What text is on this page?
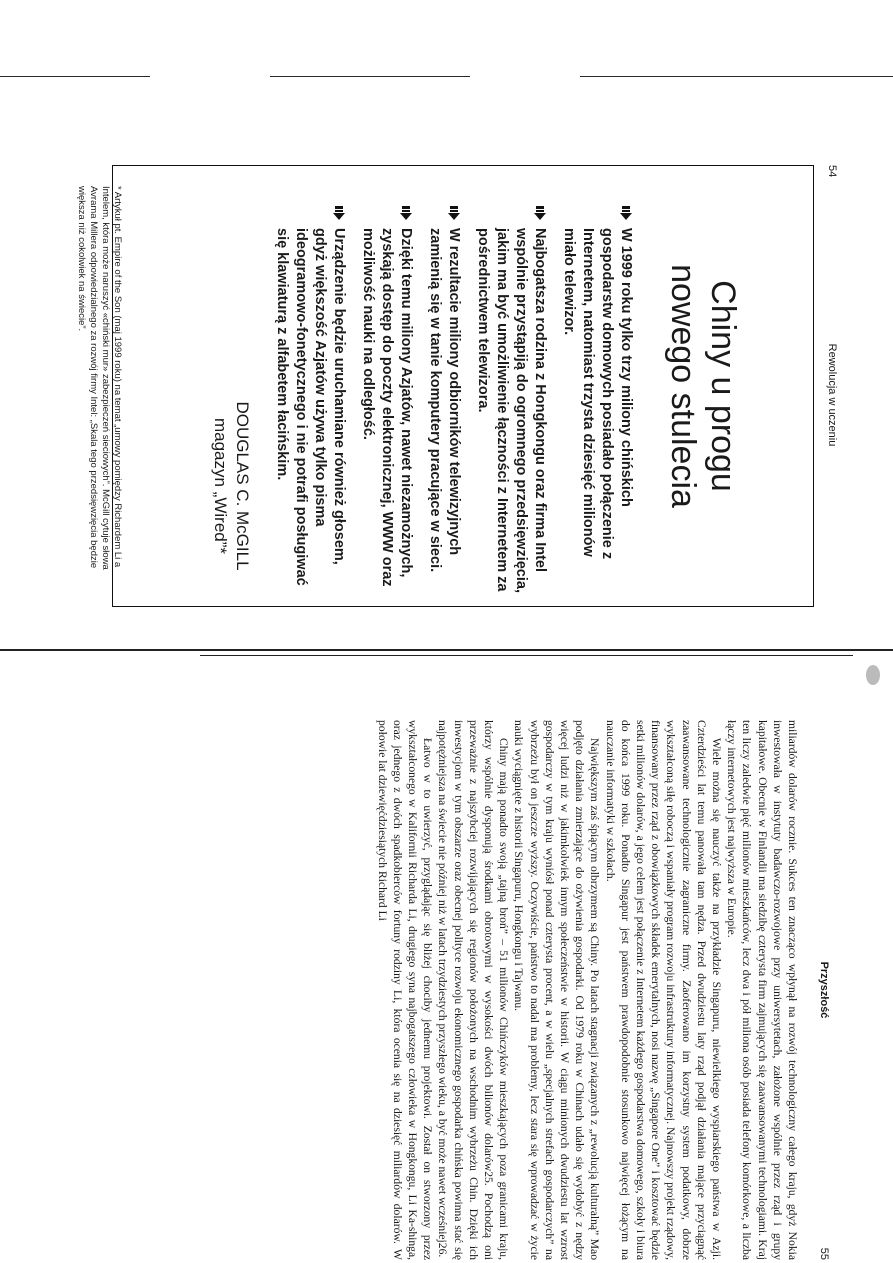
54
Rewolucja w uczeniu
Chiny u progu
nowego stulecia
W 1999 roku tylko trzy miliony chińskich gospodarstw domowych posiadało połączenie z Internetem, natomiast trzysta dziesięć milionów miało telewizor.
Najbogatsza rodzina z Hongkongu oraz firma Intel wspólnie przystąpiją do ogromnego przedsięwzięcia, jakim ma być umożliwienie łączności z Internetem za pośrednictwem telewizora.
W rezultacie miliony odbiorników telewizyjnych zamienią się w tanie komputery pracujące w sieci.
Dzięki temu miliony Azjatów, nawet niezamożnych, zyskają dostęp do poczty elektronicznej, WWW oraz możliwość nauki na odległość.
Urządzenie będzie uruchamiane również głosem, gdyż większość Azjatów używa tylko pisma ideogramowo-fonetycznego i nie potrafi posługiwać się klawiaturą z alfabetem łacińskim.
DOUGLAS C. McGILL
magazyn „Wired”*
* Artykuł pt. Empire of the Son (maj 1999 roku) na temat „umowy pomiędzy Richardem Li a Intelem, która może naruszyć «chiński mur» zabezpieczeń sieciowych”. McGill cytuje słowa Avrama Millera odpowiedzialnego za rozwój firmy Intel: „Skala tego przedsięwzięcia będzie większa niż cokolwiek na świecie”.
Przyszłość
55

miliardów dolarów rocznie. Sukces ten znacząco wpłynął na rozwój technologiczny całego kraju, gdyż Nokia inwestowała w instytuty badawczo-rozwojowe przy uniwersytetach, założone wspólnie przez rząd i grupy kapitałowe. Obecnie w Finlandii ma siedzibę czterysta firm zajmujących się zaawansowanymi technologiami. Kraj ten liczy zaledwie pięć milionów mieszkańców, lecz dwa i pół miliona osób posiada telefony komórkowe, a liczba łączy internetowych jest najwyższa w Europie.

Wiele można się nauczyć także na przykładzie Singapuru, niewielkiego wyspiarskiego państwa w Azji. Czterdzieści lat temu panowała tam nędza. Przed dwudziestu laty rząd podjął działania mające przyciągnąć zaawansowane technologicznie zagraniczne firmy. Zaoferowano im korzystny system podatkowy, dobrze wykształconą siłę roboczą i wspaniały program rozwoju infrastruktury informatycznej. Najnowszy projekt rządowy, finansowany przez rząd z obowiązkowych składek emerytalnych, nosi nazwę „Singapore One” i kosztować będzie setki milionów dolarów, a jego celem jest połączenie z Internetem każdego gospodarstwa domowego, szkoły i biura do końca 1999 roku. Ponadto Singapur jest państwem prawdopodobnie stosunkowo najwięcej łożącym na nauczanie informatyki w szkołach.

Największym zaś śpiącym olbrzymem są Chiny. Po latach stagnacji związanych z „rewolucją kulturalną” Mao podjęto działania zmierzające do ożywienia gospodarki. Od 1979 roku w Chinach udało się wydobyć z nędzy więcej ludzi niż w jakimkolwiek innym społeczeństwie w historii. W ciągu minionych dwudziestu lat wzrost gospodarczy w tym kraju wyniósł ponad czterysta procent, a w wielu „specjalnych strefach gospodarczych” na wybrzeżu był on jeszcze wyższy. Oczywiście, państwo to nadal ma problemy, lecz stara się wprowadzać w życie nauki wyciągnięte z historii Singapuru, Hongkongu i Tajwanu.

Chiny mają ponadto swoją „tajną broń” – 51 milionów Chińczyków mieszkających poza granicami kraju, którzy wspólnie dysponują środkami obrotowymi w wysokości dwóch bilionów dolarów25. Pochodzą oni przeważnie z najszybciej rozwijających się regionów położonych na wschodnim wybrzeżu Chin. Dzięki ich inwestycjom w tym obszarze oraz obecnej polityce rozwoju ekonomicznego gospodarka chińska powinna stać się najpotężniejsza na świecie nie później niż w latach trzydziestych przyszłego wieku, a być może nawet wcześniej26.

Łatwo w to uwierzyć, przyglądając się bliżej chociby jednemu projektowi. Został on stworzony przez wykształconego w Kalifornii Richarda Li, drugiego syna najbogatszego człowieka w Hongkongu, Li Ka-shinga, oraz jednego z dwóch spadkobierców fortuny rodziny Li, która ocenia się na dziesięć miliardów dolarów. W połowie lat dziewięćdziesiątych Richard Li
